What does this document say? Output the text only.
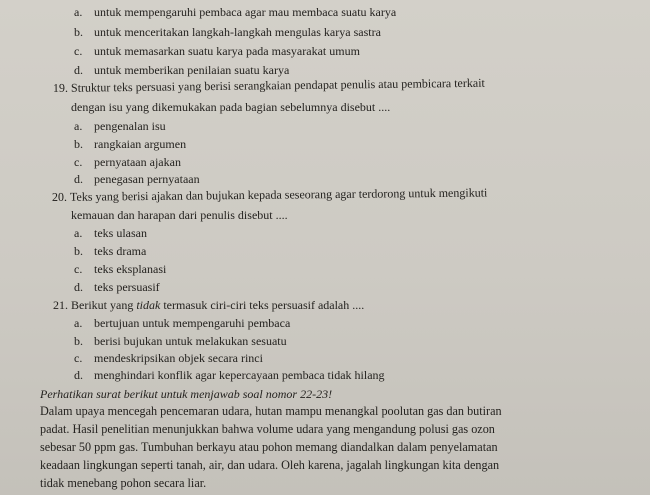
a. untuk mempengaruhi pembaca agar mau membaca suatu karya
b. untuk menceritakan langkah-langkah mengulas karya sastra
c. untuk memasarkan suatu karya pada masyarakat umum
d. untuk memberikan penilaian suatu karya
19. Struktur teks persuasi yang berisi serangkaian pendapat penulis atau pembicara terkait
dengan isu yang dikemukakan pada bagian sebelumnya disebut ....
a. pengenalan isu
b. rangkaian argumen
c. pernyataan ajakan
d. penegasan pernyataan
20. Teks yang berisi ajakan dan bujukan kepada seseorang agar terdorong untuk mengikuti
kemauan dan harapan dari penulis disebut ....
a. teks ulasan
b. teks drama
c. teks eksplanasi
d. teks persuasif
21. Berikut yang tidak termasuk ciri-ciri teks persuasif adalah ....
a. bertujuan untuk mempengaruhi pembaca
b. berisi bujukan untuk melakukan sesuatu
c. mendeskripsikan objek secara rinci
d. menghindari konflik agar kepercayaan pembaca tidak hilang
Perhatikan surat berikut untuk menjawab soal nomor 22-23!
Dalam upaya mencegah pencemaran udara, hutan mampu menangkal poolutan gas dan butiran
padat. Hasil penelitian menunjukkan bahwa volume udara yang mengandung polusi gas ozon
sebesar 50 ppm gas. Tumbuhan berkayu atau pohon memang diandalkan dalam penyelamatan
keadaan lingkungan seperti tanah, air, dan udara. Oleh karena, jagalah lingkungan kita dengan
tidak menebang pohon secara liar.
